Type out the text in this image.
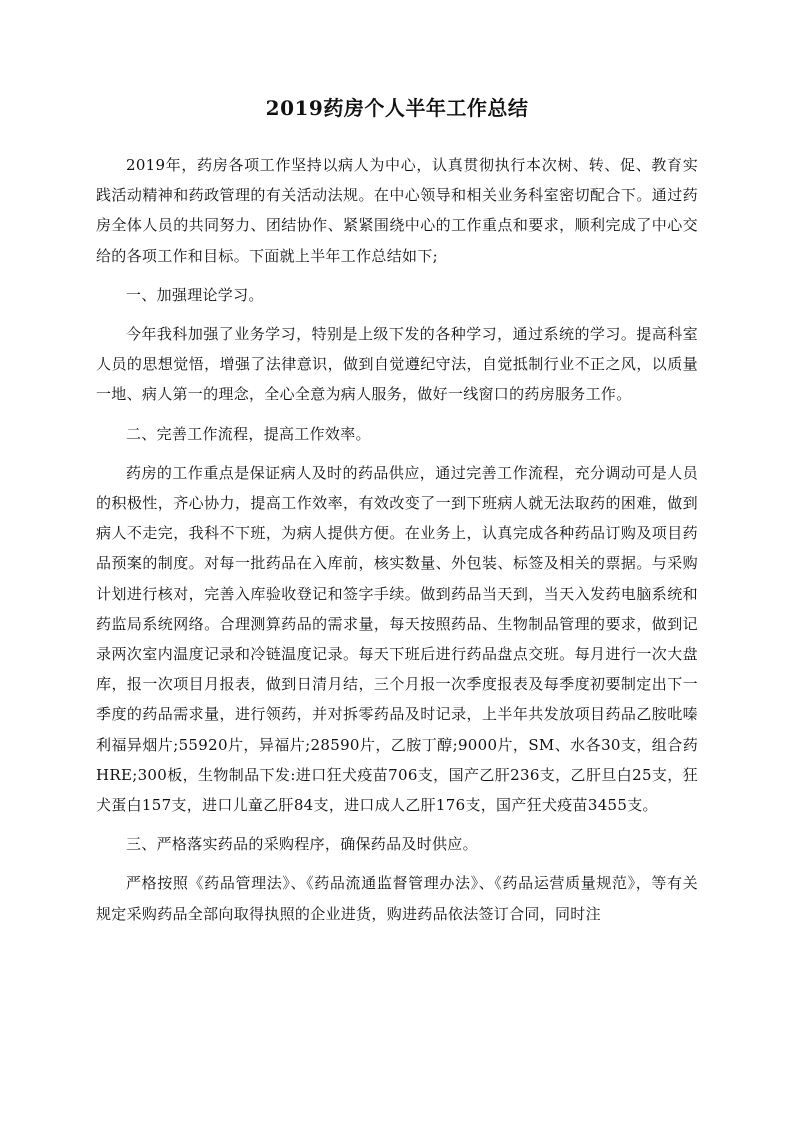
2019药房个人半年工作总结

2019年，药房各项工作坚持以病人为中心，认真贯彻执行本次树、转、促、教育实践活动精神和药政管理的有关活动法规。在中心领导和相关业务科室密切配合下。通过药房全体人员的共同努力、团结协作、紧紧围绕中心的工作重点和要求，顺利完成了中心交给的各项工作和目标。下面就上半年工作总结如下;

一、加强理论学习。

今年我科加强了业务学习，特别是上级下发的各种学习，通过系统的学习。提高科室人员的思想觉悟，增强了法律意识，做到自觉遵纪守法，自觉抵制行业不正之风，以质量一地、病人第一的理念，全心全意为病人服务，做好一线窗口的药房服务工作。

二、完善工作流程，提高工作效率。

药房的工作重点是保证病人及时的药品供应，通过完善工作流程，充分调动可是人员的积极性，齐心协力，提高工作效率，有效改变了一到下班病人就无法取药的困难，做到病人不走完，我科不下班，为病人提供方便。在业务上，认真完成各种药品订购及项目药品预案的制度。对每一批药品在入库前，核实数量、外包装、标签及相关的票据。与采购计划进行核对，完善入库验收登记和签字手续。做到药品当天到，当天入发药电脑系统和药监局系统网络。合理测算药品的需求量，每天按照药品、生物制品管理的要求，做到记录两次室内温度记录和冷链温度记录。每天下班后进行药品盘点交班。每月进行一次大盘库，报一次项目月报表，做到日清月结，三个月报一次季度报表及每季度初要制定出下一季度的药品需求量，进行领药，并对拆零药品及时记录，上半年共发放项目药品乙胺吡嗪利福异烟片;55920片，异福片;28590片，乙胺丁醇;9000片，SM、水各30支，组合药HRE;300板，生物制品下发:进口狂犬疫苗706支，国产乙肝236支，乙肝旦白25支，狂犬蛋白157支，进口儿童乙肝84支，进口成人乙肝176支，国产狂犬疫苗3455支。

三、严格落实药品的采购程序，确保药品及时供应。

严格按照《药品管理法》、《药品流通监督管理办法》、《药品运营质量规范》，等有关规定采购药品全部向取得执照的企业进货，购进药品依法签订合同，同时注
